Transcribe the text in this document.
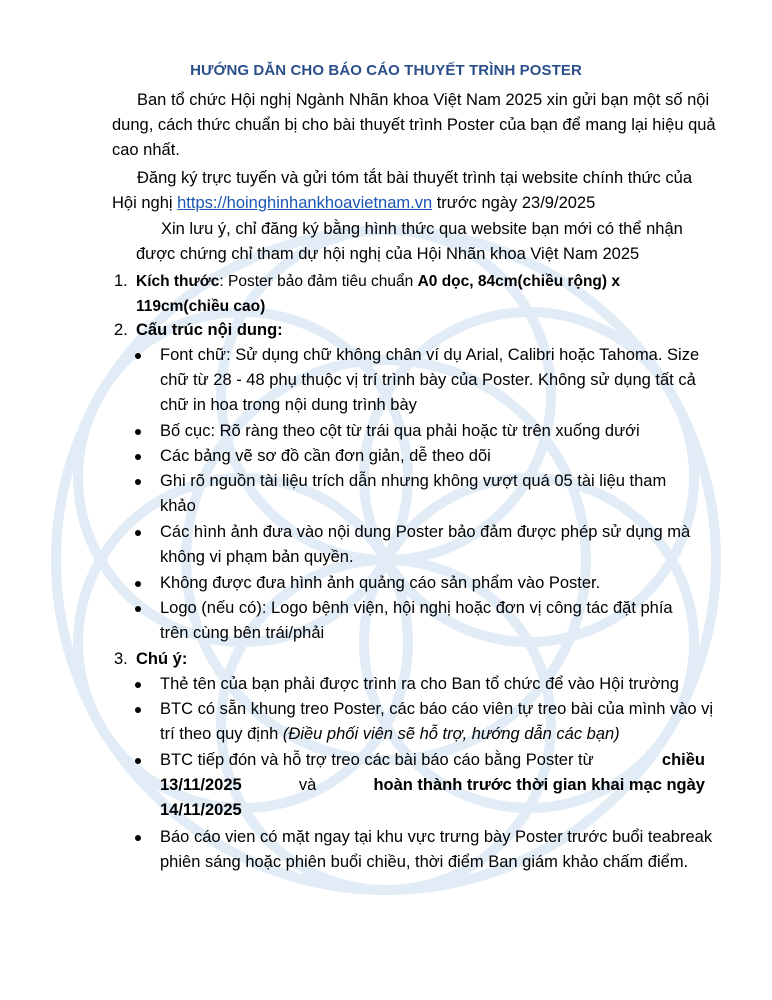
HƯỚNG DẪN CHO BÁO CÁO THUYẾT TRÌNH POSTER
Ban tổ chức Hội nghị Ngành Nhãn khoa Việt Nam 2025 xin gửi bạn một số nội
dung, cách thức chuẩn bị cho bài thuyết trình Poster của bạn để mang lại hiệu quả
cao nhất.
Đăng ký trực tuyến và gửi tóm tắt bài thuyết trình tại website chính thức của
Hội nghị https://hoinghinhankhoavietnam.vn trước ngày 23/9/2025
Xin lưu ý, chỉ đăng ký bằng hình thức qua website bạn mới có thể nhận
được chứng chỉ tham dự hội nghị của Hội Nhãn khoa Việt Nam 2025
1. Kích thước: Poster bảo đảm tiêu chuẩn A0 dọc, 84cm(chiều rộng) x
119cm(chiều cao)
2. Cấu trúc nội dung:
Font chữ: Sử dụng chữ không chân ví dụ Arial, Calibri hoặc Tahoma. Size
chữ từ 28 - 48 phụ thuộc vị trí trình bày của Poster. Không sử dụng tất cả
chữ in hoa trong nội dung trình bày
Bố cục: Rõ ràng theo cột từ trái qua phải hoặc từ trên xuống dưới
Các bảng vẽ sơ đồ cần đơn giản, dễ theo dõi
Ghi rõ nguồn tài liệu trích dẫn nhưng không vượt quá 05 tài liệu tham
khảo
Các hình ảnh đưa vào nội dung Poster bảo đảm được phép sử dụng mà
không vi phạm bản quyền.
Không được đưa hình ảnh quảng cáo sản phẩm vào Poster.
Logo (nếu có): Logo bệnh viện, hội nghị hoặc đơn vị công tác đặt phía
trên cùng bên trái/phải
3. Chú ý:
Thẻ tên của bạn phải được trình ra cho Ban tổ chức để vào Hội trường
BTC có sẵn khung treo Poster, các báo cáo viên tự treo bài của mình vào vị
trí theo quy định (Điều phối viên sẽ hỗ trợ, hướng dẫn các bạn)
BTC tiếp đón và hỗ trợ treo các bài báo cáo bằng Poster từ	chiều
13/11/2025	và	hoàn thành trước thời gian khai mạc ngày
14/11/2025
Báo cáo vien có mặt ngay tại khu vực trưng bày Poster trước buổi teabreak
phiên sáng hoặc phiên buổi chiều, thời điểm Ban giám khảo chấm điểm.
